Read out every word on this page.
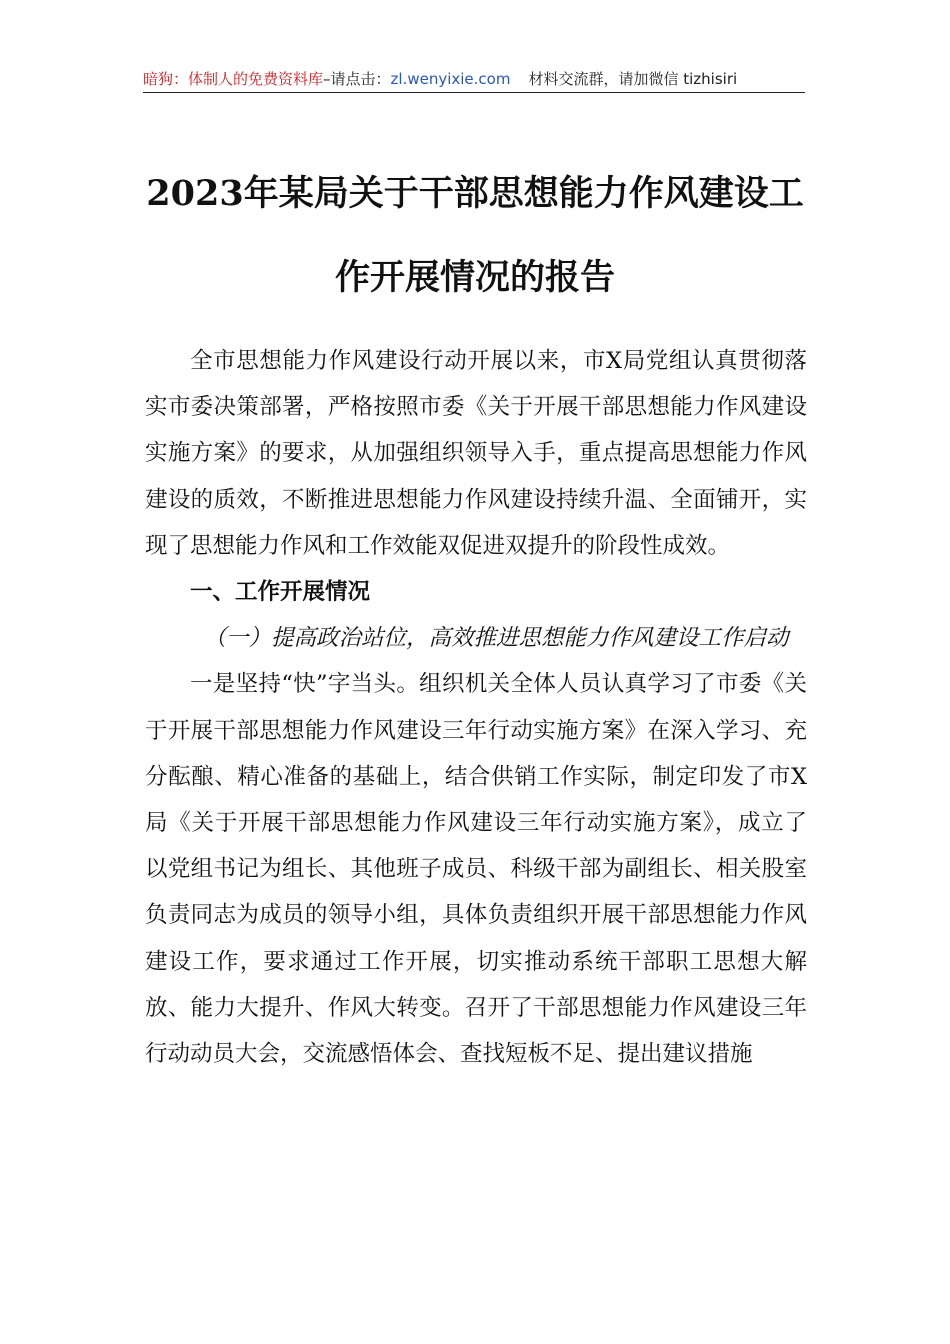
暗狗：体制人的免费资料库–请点击：zl.wenyixie.com 材料交流群，请加微信 tizhisiri
2023年某局关于干部思想能力作风建设工作开展情况的报告

全市思想能力作风建设行动开展以来，市X局党组认真贯彻落实市委决策部署，严格按照市委《关于开展干部思想能力作风建设实施方案》的要求，从加强组织领导入手，重点提高思想能力作风建设的质效，不断推进思想能力作风建设持续升温、全面铺开，实现了思想能力作风和工作效能双促进双提升的阶段性成效。

一、工作开展情况
（一）提高政治站位，高效推进思想能力作风建设工作启动

一是坚持“快”字当头。组织机关全体人员认真学习了市委《关于开展干部思想能力作风建设三年行动实施方案》在深入学习、充分酝酿、精心准备的基础上，结合供销工作实际，制定印发了市X局《关于开展干部思想能力作风建设三年行动实施方案》，成立了以党组书记为组长、其他班子成员、科级干部为副组长、相关股室负责同志为成员的领导小组，具体负责组织开展干部思想能力作风建设工作，要求通过工作开展，切实推动系统干部职工思想大解放、能力大提升、作风大转变。召开了干部思想能力作风建设三年行动动员大会，交流感悟体会、查找短板不足、提出建议措施
